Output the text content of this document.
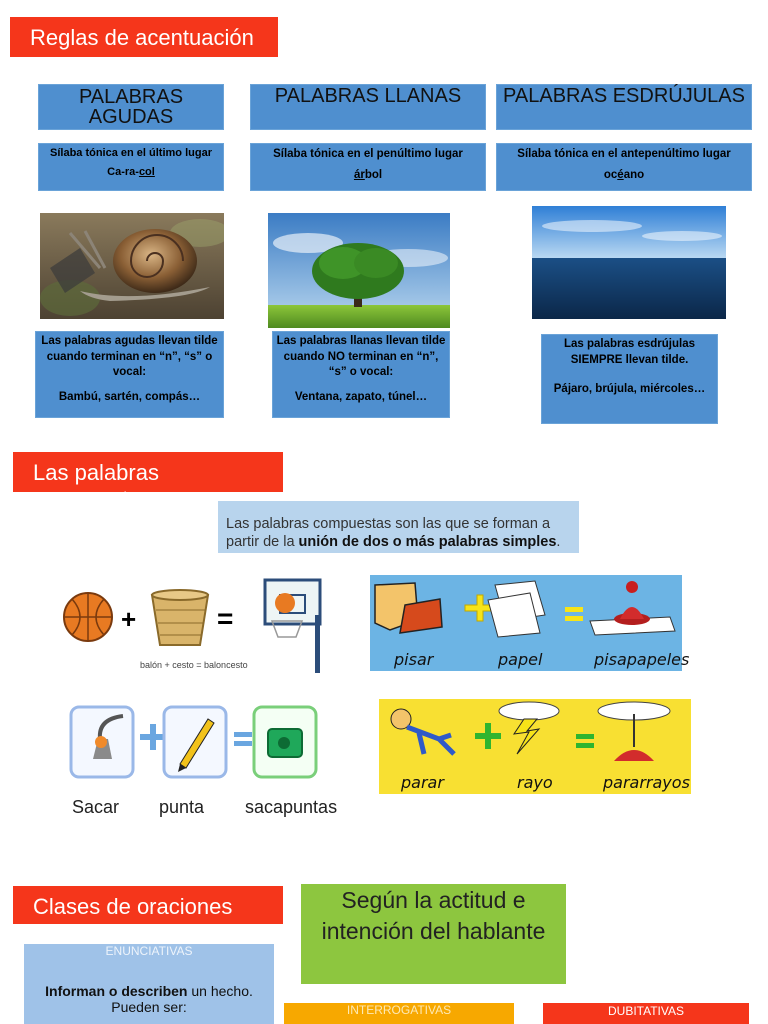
Reglas de acentuación
PALABRAS AGUDAS
Sílaba tónica en el último lugar
Ca-ra-col
PALABRAS LLANAS
Sílaba tónica en el penúltimo lugar
árbol
PALABRAS ESDRÚJULAS
Sílaba tónica en el antepenúltimo lugar
océano
Las palabras agudas llevan tilde
cuando terminan en “n”, “s” o
vocal:
Bambú, sartén, compás…
Las palabras llanas llevan tilde
cuando NO terminan en “n”,
“s” o vocal:
Ventana, zapato, túnel…
Las palabras esdrújulas
SIEMPRE llevan tilde.
Pájaro, brújula, miércoles…
Las palabras compuestas
Las palabras compuestas son las que se forman a partir de la unión de dos o más palabras simples.
+	=
balón + cesto = baloncesto	pisar	papel	pisapapeles
Sacar punta sacapuntas
parar	rayo	pararrayos
Clases de oraciones	Según la actitud e intención del hablante
ENUNCIATIVAS
Informan o describen un hecho.
Pueden ser:	INTERROGATIVAS	DUBITATIVAS
